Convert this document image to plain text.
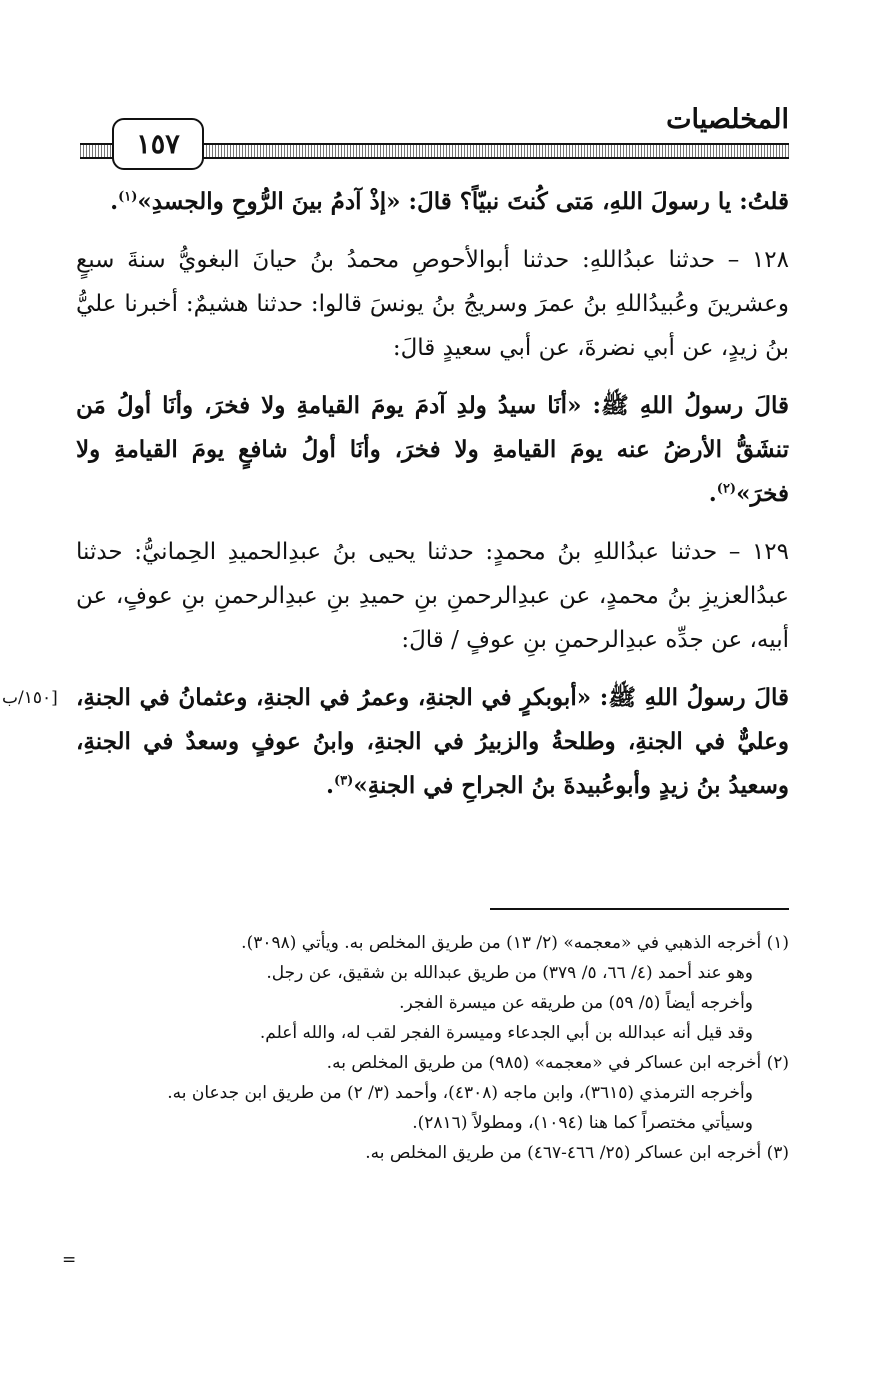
المخلصيات
١٥٧
[١٥٠/ب

قلتُ: يا رسولَ اللهِ، مَتى كُنتَ نبيّاً؟ قالَ: «إذْ آدمُ بينَ الرُّوحِ والجسدِ»$^{(١)}$.

١٢٨ – حدثنا عبدُاللهِ: حدثنا أبوالأحوصِ محمدُ بنُ حيانَ البغويُّ سنةَ سبعٍ وعشرينَ وعُبيدُاللهِ بنُ عمرَ وسريجُ بنُ يونسَ قالوا: حدثنا هشيمٌ: أخبرنا عليُّ بنُ زيدٍ، عن أبي نضرةَ، عن أبي سعيدٍ قالَ:

قالَ رسولُ اللهِ ﷺ: «أنَا سيدُ ولدِ آدمَ يومَ القيامةِ ولا فخرَ، وأنَا أولُ مَن تنشَقُّ الأرضُ عنه يومَ القيامةِ ولا فخرَ، وأنَا أولُ شافعٍ يومَ القيامةِ ولا فخرَ»$^{(٢)}$.

١٢٩ – حدثنا عبدُاللهِ بنُ محمدٍ: حدثنا يحيى بنُ عبدِالحميدِ الحِمانيُّ: حدثنا عبدُالعزيزِ بنُ محمدٍ، عن عبدِالرحمنِ بنِ حميدِ بنِ عبدِالرحمنِ بنِ عوفٍ، عن أبيه، عن جدِّه عبدِالرحمنِ بنِ عوفٍ / قالَ:

قالَ رسولُ اللهِ ﷺ: «أبوبكرٍ في الجنةِ، وعمرُ في الجنةِ، وعثمانُ في الجنةِ، وعليٌّ في الجنةِ، وطلحةُ والزبيرُ في الجنةِ، وابنُ عوفٍ وسعدٌ في الجنةِ، وسعيدُ بنُ زيدٍ وأبوعُبيدةَ بنُ الجراحِ في الجنةِ»$^{(٣)}$.

(١) أخرجه الذهبي في «معجمه» (٢/ ١٣) من طريق المخلص به. ويأتي (٣٠٩٨).

وهو عند أحمد (٤/ ٦٦، ٥/ ٣٧٩) من طريق عبدالله بن شقيق، عن رجل.

وأخرجه أيضاً (٥/ ٥٩) من طريقه عن ميسرة الفجر.

وقد قيل أنه عبدالله بن أبي الجدعاء وميسرة الفجر لقب له، والله أعلم.

(٢) أخرجه ابن عساكر في «معجمه» (٩٨٥) من طريق المخلص به.

وأخرجه الترمذي (٣٦١٥)، وابن ماجه (٤٣٠٨)، وأحمد (٣/ ٢) من طريق ابن جدعان به.

وسيأتي مختصراً كما هنا (١٠٩٤)، ومطولاً (٢٨١٦).

(٣) أخرجه ابن عساكر (٢٥/ ٤٦٦-٤٦٧) من طريق المخلص به.

=
